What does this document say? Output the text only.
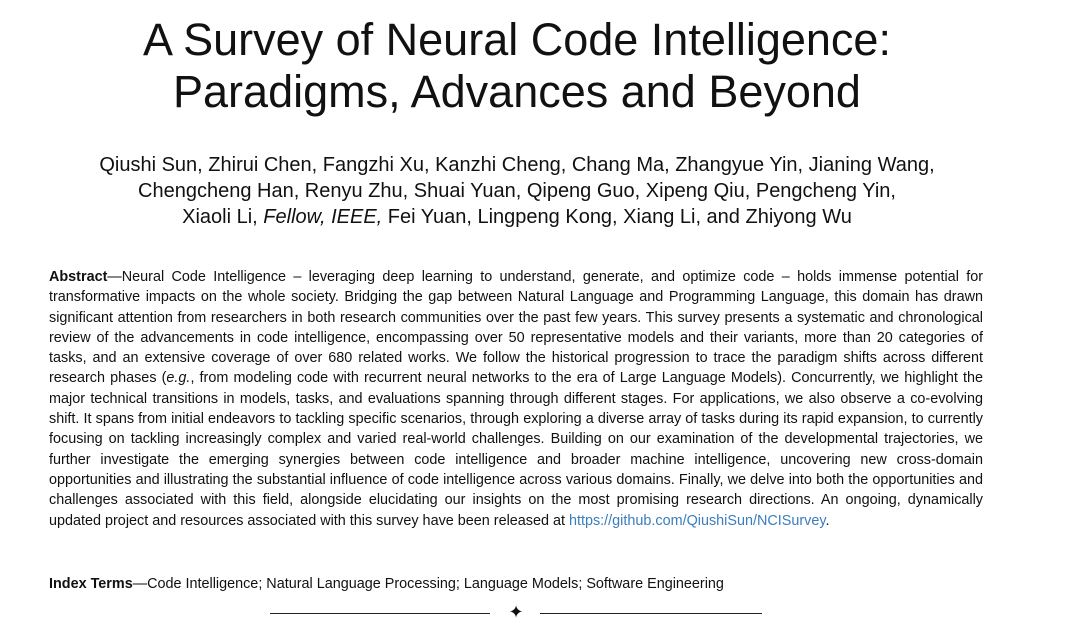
A Survey of Neural Code Intelligence:
Paradigms, Advances and Beyond
Qiushi Sun, Zhirui Chen, Fangzhi Xu, Kanzhi Cheng, Chang Ma, Zhangyue Yin, Jianing Wang,
Chengcheng Han, Renyu Zhu, Shuai Yuan, Qipeng Guo, Xipeng Qiu, Pengcheng Yin,
Xiaoli Li, Fellow, IEEE, Fei Yuan, Lingpeng Kong, Xiang Li, and Zhiyong Wu
Abstract—Neural Code Intelligence – leveraging deep learning to understand, generate, and optimize code – holds immense potential for transformative impacts on the whole society. Bridging the gap between Natural Language and Programming Language, this domain has drawn significant attention from researchers in both research communities over the past few years. This survey presents a systematic and chronological review of the advancements in code intelligence, encompassing over 50 representative models and their variants, more than 20 categories of tasks, and an extensive coverage of over 680 related works. We follow the historical progression to trace the paradigm shifts across different research phases (e.g., from modeling code with recurrent neural networks to the era of Large Language Models). Concurrently, we highlight the major technical transitions in models, tasks, and evaluations spanning through different stages. For applications, we also observe a co-evolving shift. It spans from initial endeavors to tackling specific scenarios, through exploring a diverse array of tasks during its rapid expansion, to currently focusing on tackling increasingly complex and varied real-world challenges. Building on our examination of the developmental trajectories, we further investigate the emerging synergies between code intelligence and broader machine intelligence, uncovering new cross-domain opportunities and illustrating the substantial influence of code intelligence across various domains. Finally, we delve into both the opportunities and challenges associated with this field, alongside elucidating our insights on the most promising research directions. An ongoing, dynamically updated project and resources associated with this survey have been released at https://github.com/QiushiSun/NCISurvey.
Index Terms—Code Intelligence; Natural Language Processing; Language Models; Software Engineering
✦
